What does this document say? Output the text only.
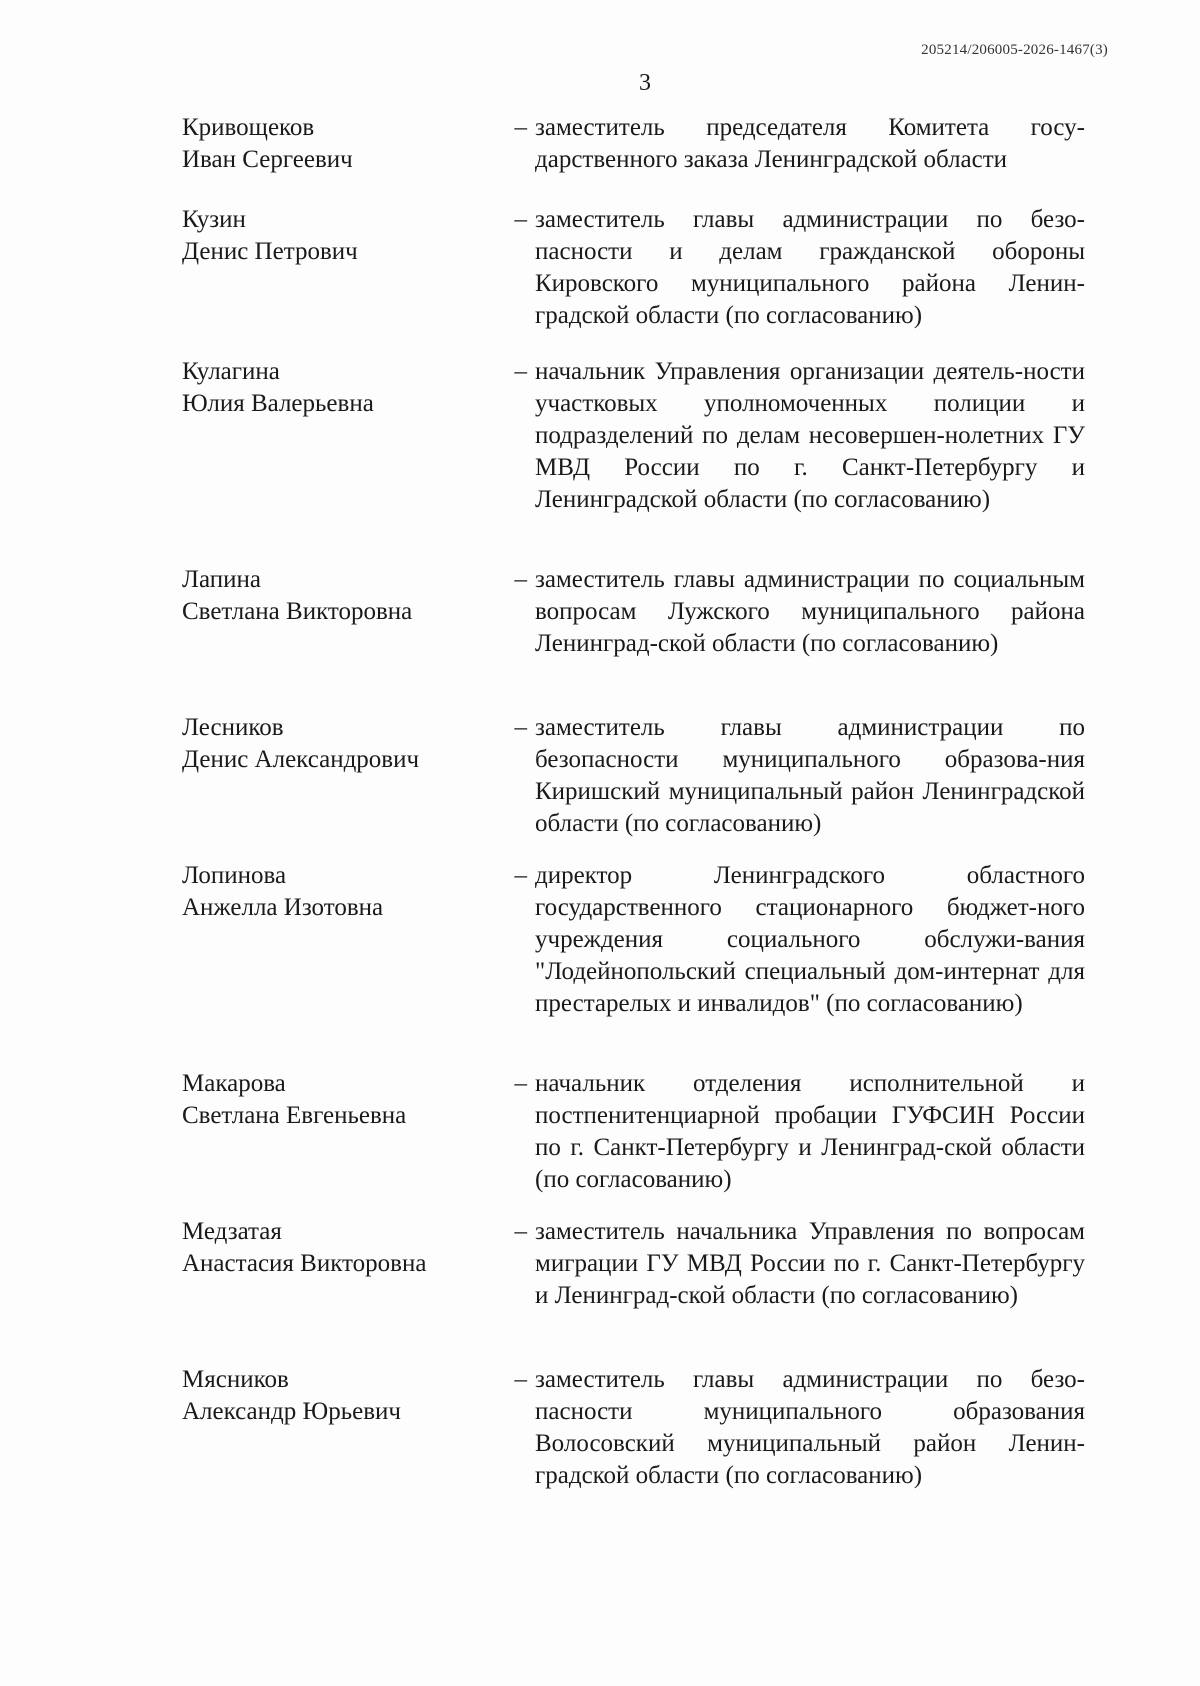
205214/206005-2026-1467(3)
3
Кривощеков
Иван Сергеевич
– заместитель председателя Комитета госу-дарственного заказа Ленинградской области
Кузин
Денис Петрович
– заместитель главы администрации по безо-пасности и делам гражданской обороны Кировского муниципального района Ленин-градской области (по согласованию)
Кулагина
Юлия Валерьевна
– начальник Управления организации деятель-ности участковых уполномоченных полиции и подразделений по делам несовершен-нолетних ГУ МВД России по г. Санкт-Петербургу и Ленинградской области (по согласованию)
Лапина
Светлана Викторовна
– заместитель главы администрации по социальным вопросам Лужского муниципального района Ленинград-ской области (по согласованию)
Лесников
Денис Александрович
– заместитель главы администрации по безопасности муниципального образова-ния Киришский муниципальный район Ленинградской области (по согласованию)
Лопинова
Анжелла Изотовна
– директор Ленинградского областного государственного стационарного бюджет-ного учреждения социального обслужи-вания "Лодейнопольский специальный дом-интернат для престарелых и инвалидов" (по согласованию)
Макарова
Светлана Евгеньевна
– начальник отделения исполнительной и постпенитенциарной пробации ГУФСИН России по г. Санкт-Петербургу и Ленинград-ской области (по согласованию)
Медзатая
Анастасия Викторовна
– заместитель начальника Управления по вопросам миграции ГУ МВД России по г. Санкт-Петербургу и Ленинград-ской области (по согласованию)
Мясников
Александр Юрьевич
– заместитель главы администрации по безо-пасности муниципального образования Волосовский муниципальный район Ленин-градской области (по согласованию)
